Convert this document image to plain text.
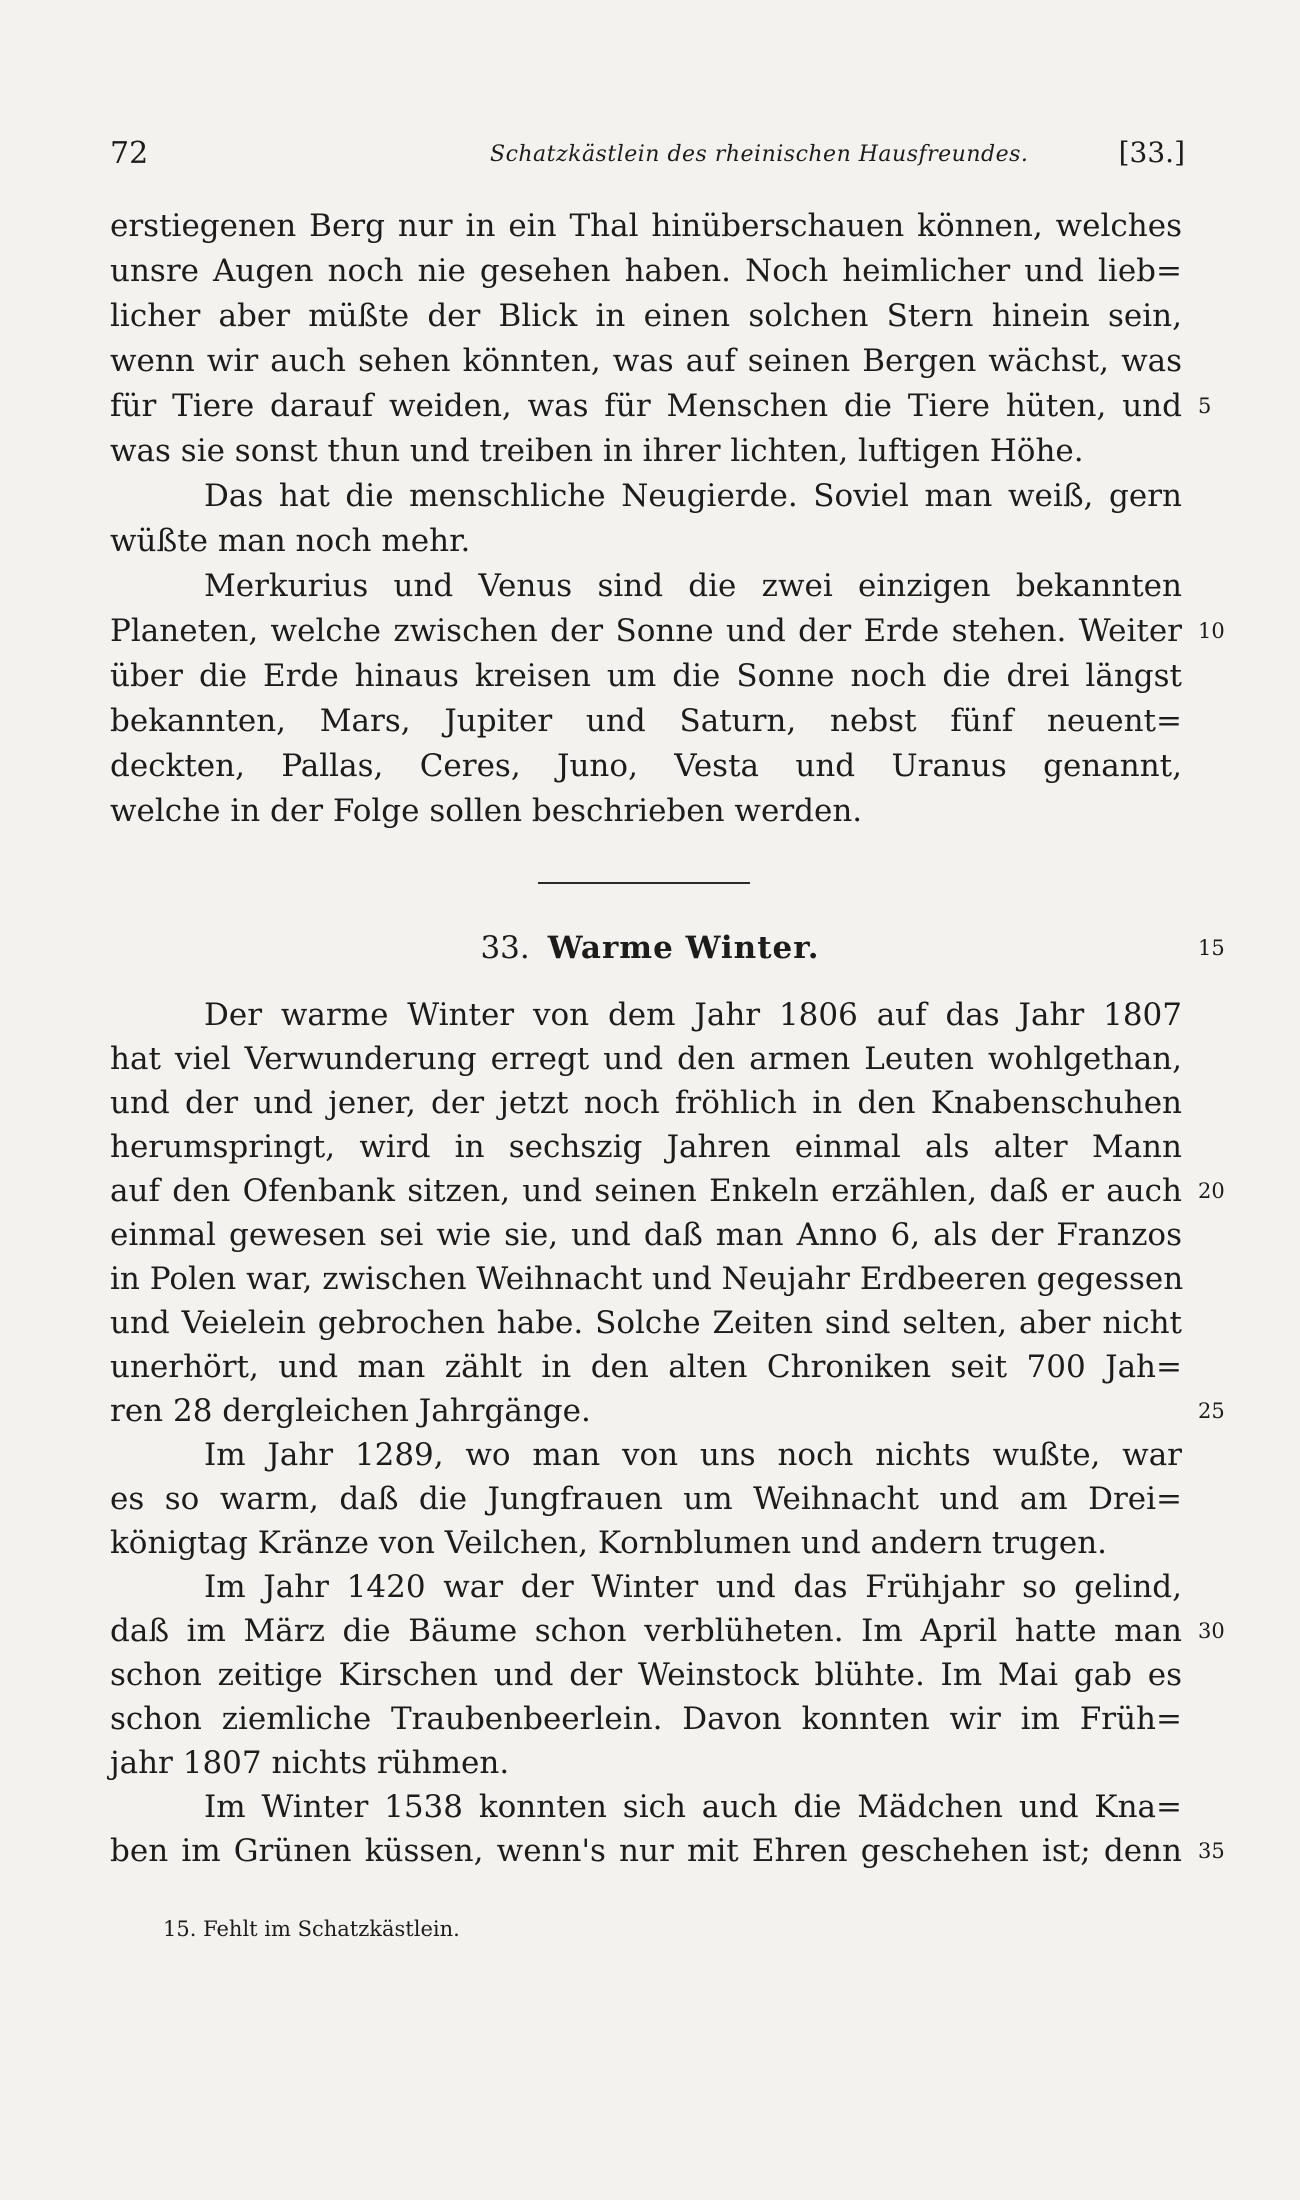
72	Schatzkästlein des rheinischen Hausfreundes.	[33.]
erstiegenen Berg nur in ein Thal hinüberschauen können, welches
unsre Augen noch nie gesehen haben. Noch heimlicher und lieb=
licher aber müßte der Blick in einen solchen Stern hinein sein,
wenn wir auch sehen könnten, was auf seinen Bergen wächst, was
für Tiere darauf weiden, was für Menschen die Tiere hüten, und 5
was sie sonst thun und treiben in ihrer lichten, luftigen Höhe.
Das hat die menschliche Neugierde. Soviel man weiß, gern
wüßte man noch mehr.
Merkurius und Venus sind die zwei einzigen bekannten
Planeten, welche zwischen der Sonne und der Erde stehen. Weiter 10
über die Erde hinaus kreisen um die Sonne noch die drei längst
bekannten, Mars, Jupiter und Saturn, nebst fünf neuent=
deckten, Pallas, Ceres, Juno, Vesta und Uranus genannt,
welche in der Folge sollen beschrieben werden.
33. Warme Winter.	15
Der warme Winter von dem Jahr 1806 auf das Jahr 1807
hat viel Verwunderung erregt und den armen Leuten wohlgethan,
und der und jener, der jetzt noch fröhlich in den Knabenschuhen
herumspringt, wird in sechszig Jahren einmal als alter Mann
auf den Ofenbank sitzen, und seinen Enkeln erzählen, daß er auch 20
einmal gewesen sei wie sie, und daß man Anno 6, als der Franzos
in Polen war, zwischen Weihnacht und Neujahr Erdbeeren gegessen
und Veielein gebrochen habe. Solche Zeiten sind selten, aber nicht
unerhört, und man zählt in den alten Chroniken seit 700 Jah=
ren 28 dergleichen Jahrgänge.	25
Im Jahr 1289, wo man von uns noch nichts wußte, war
es so warm, daß die Jungfrauen um Weihnacht und am Drei=
königtag Kränze von Veilchen, Kornblumen und andern trugen.
Im Jahr 1420 war der Winter und das Frühjahr so gelind,
daß im März die Bäume schon verblüheten. Im April hatte man 30
schon zeitige Kirschen und der Weinstock blühte. Im Mai gab es
schon ziemliche Traubenbeerlein. Davon konnten wir im Früh=
jahr 1807 nichts rühmen.
Im Winter 1538 konnten sich auch die Mädchen und Kna=
ben im Grünen küssen, wenn's nur mit Ehren geschehen ist; denn 35
15. Fehlt im Schatzkästlein.
